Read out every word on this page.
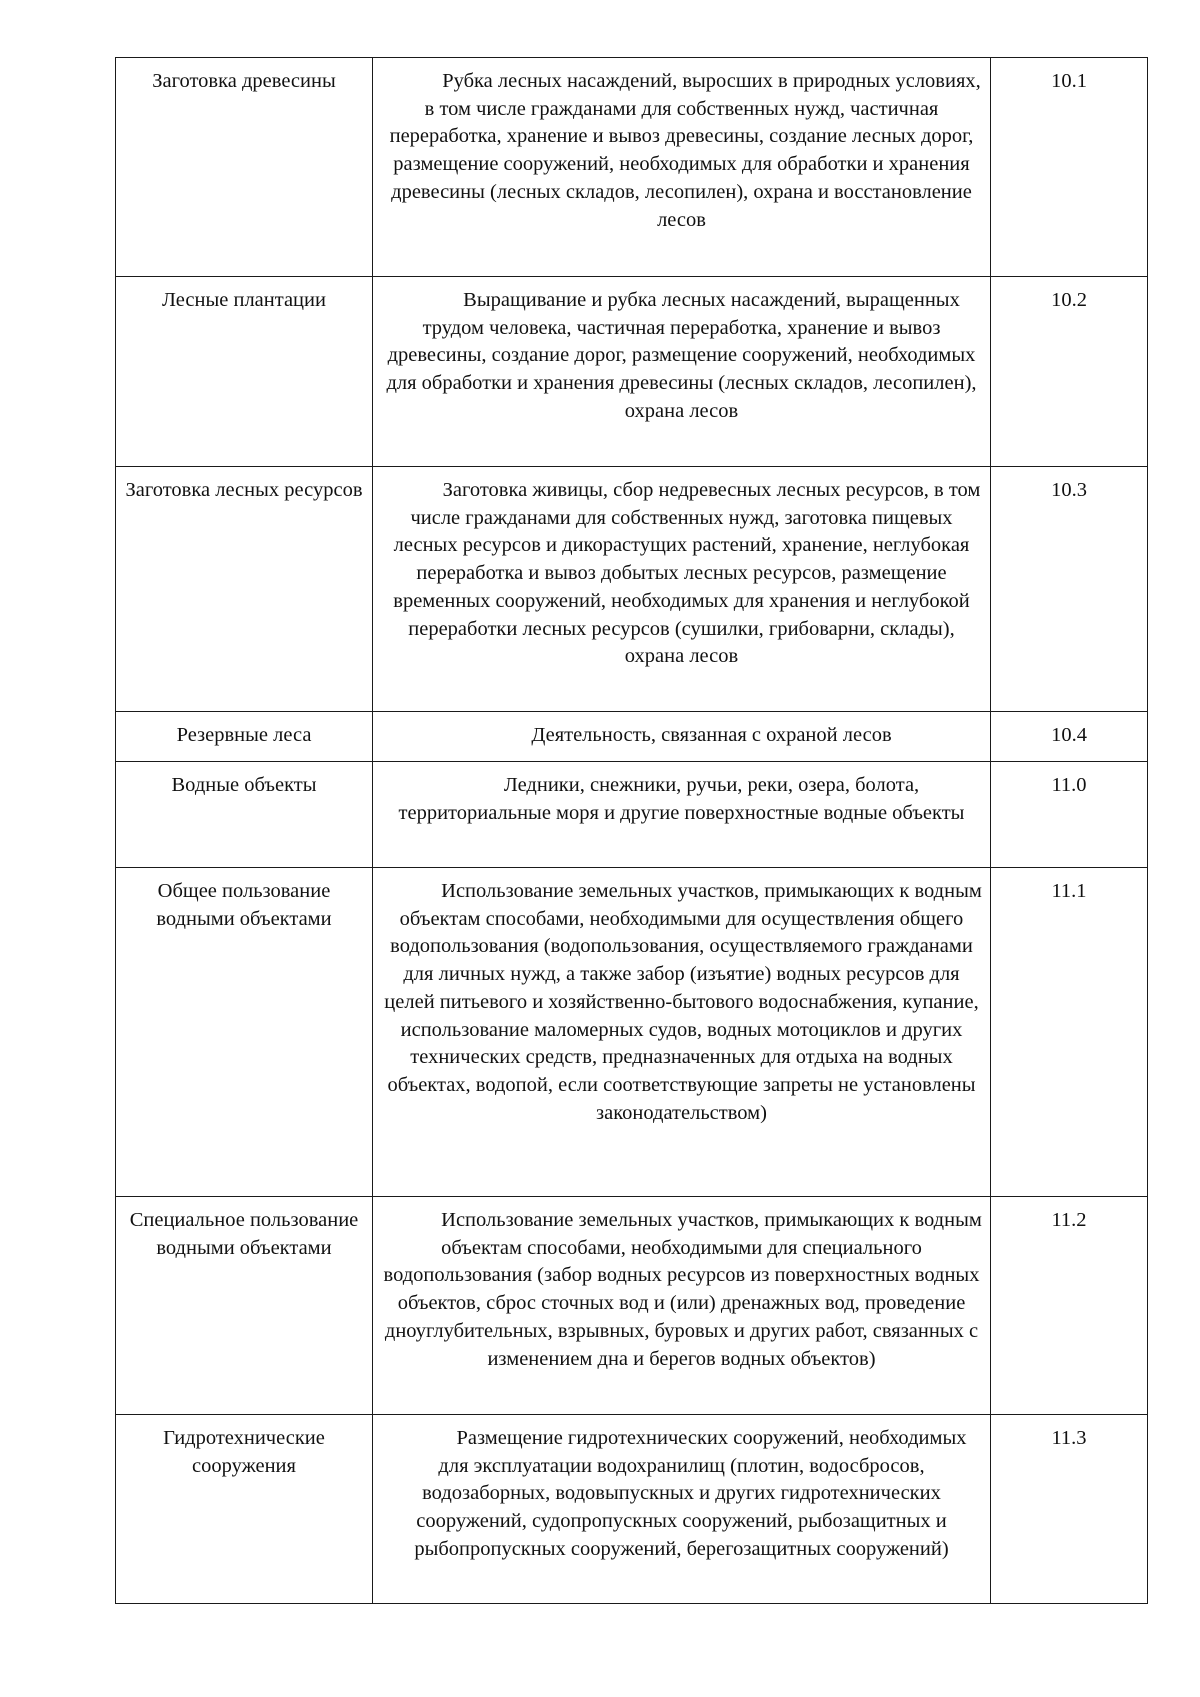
Заготовка древесины	Рубка лесных насаждений, выросших в природных условиях, в том числе гражданами для собственных нужд, частичная переработка, хранение и вывоз древесины, создание лесных дорог, размещение сооружений, необходимых для обработки и хранения древесины (лесных складов, лесопилен), охрана и восстановление лесов	10.1
Лесные плантации	Выращивание и рубка лесных насаждений, выращенных трудом человека, частичная переработка, хранение и вывоз древесины, создание дорог, размещение сооружений, необходимых для обработки и хранения древесины (лесных складов, лесопилен), охрана лесов	10.2
Заготовка лесных ресурсов	Заготовка живицы, сбор недревесных лесных ресурсов, в том числе гражданами для собственных нужд, заготовка пищевых лесных ресурсов и дикорастущих растений, хранение, неглубокая переработка и вывоз добытых лесных ресурсов, размещение временных сооружений, необходимых для хранения и неглубокой переработки лесных ресурсов (сушилки, грибоварни, склады), охрана лесов	10.3
Резервные леса	Деятельность, связанная с охраной лесов	10.4
Водные объекты	Ледники, снежники, ручьи, реки, озера, болота, территориальные моря и другие поверхностные водные объекты	11.0
Общее пользование водными объектами	Использование земельных участков, примыкающих к водным объектам способами, необходимыми для осуществления общего водопользования (водопользования, осуществляемого гражданами для личных нужд, а также забор (изъятие) водных ресурсов для целей питьевого и хозяйственно-бытового водоснабжения, купание, использование маломерных судов, водных мотоциклов и других технических средств, предназначенных для отдыха на водных объектах, водопой, если соответствующие запреты не установлены законодательством)	11.1
Специальное пользование водными объектами	Использование земельных участков, примыкающих к водным объектам способами, необходимыми для специального водопользования (забор водных ресурсов из поверхностных водных объектов, сброс сточных вод и (или) дренажных вод, проведение дноуглубительных, взрывных, буровых и других работ, связанных с изменением дна и берегов водных объектов)	11.2
Гидротехнические сооружения	Размещение гидротехнических сооружений, необходимых для эксплуатации водохранилищ (плотин, водосбросов, водозаборных, водовыпускных и других гидротехнических сооружений, судопропускных сооружений, рыбозащитных и рыбопропускных сооружений, берегозащитных сооружений)	11.3
